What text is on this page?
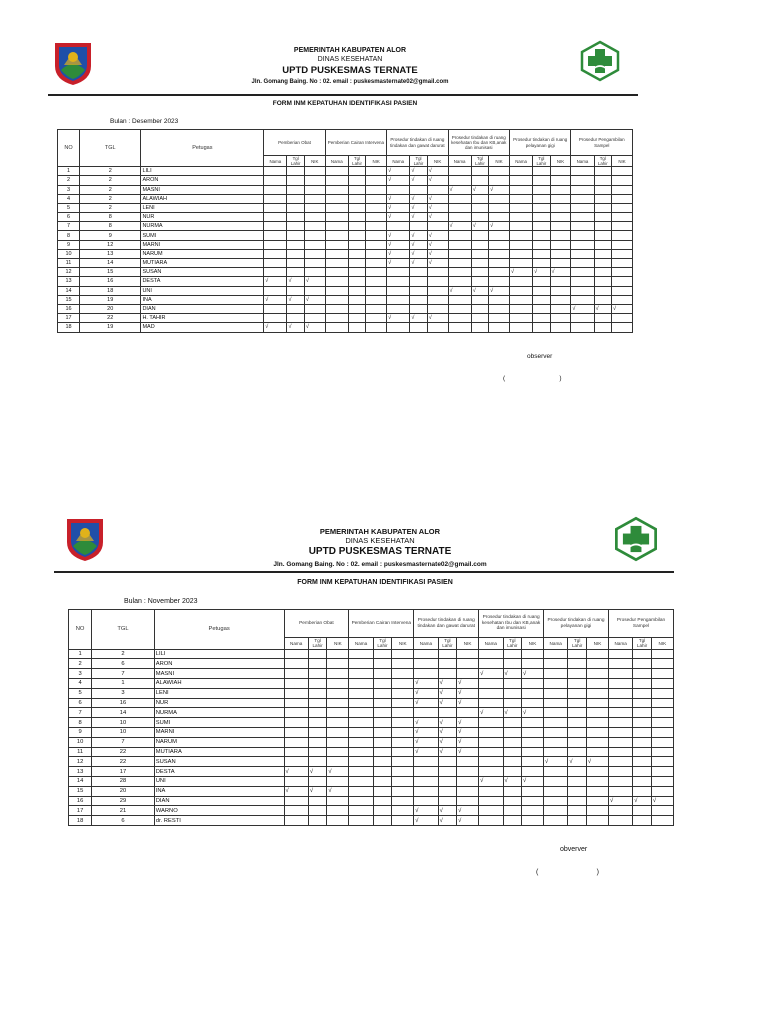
PEMERINTAH KABUPATEN ALOR
DINAS KESEHATAN
UPTD PUSKESMAS TERNATE
Jln. Gomang Baing. No : 02. email : puskesmasternate02@gmail.com
FORM INM KEPATUHAN IDENTIFIKASI PASIEN
Bulan : Desember 2023
NO	TGL	Petugas	Pemberian Obat			Pemberian Cairan Intervena			Prosedur tindakan di ruang tindakan dan gawat darurat			Prosedur tindakan di ruang kesehatan Ibu dan KB,anak dan imunisasi			Prosedur tindakan di ruang pelayanan gigi			Prosedur Pengambilan Sampel		
			Nama	Tgl Lahir	NIK	Nama	Tgl Lahir	NIK	Nama	Tgl Lahir	NIK	Nama	Tgl Lahir	NIK	Nama	Tgl Lahir	NIK	Nama	Tgl Lahir	NIK
1	2	LILI							√	√	√									
2	2	ARON							√	√	√									
3	2	MASNI										√	√	√						
4	2	ALAWIAH							√	√	√									
5	2	LENI							√	√	√									
6	8	NUR							√	√	√									
7	8	NURMA										√	√	√						
8	9	SUMI							√	√	√									
9	12	MARNI							√	√	√									
10	13	NARUM							√	√	√									
11	14	MUTIARA							√	√	√									
12	15	SUSAN													√	√	√			
13	16	DESTA	√	√	√															
14	18	UNI										√	√	√						
15	19	INA	√	√	√															
16	20	DIAN																√	√	√
17	22	H. TAHIR							√	√	√									
18	19	MAD	√	√	√															
observer
(                              )
PEMERINTAH KABUPATEN ALOR
DINAS KESEHATAN
UPTD PUSKESMAS TERNATE
Jln. Gomang Baing. No : 02. email : puskesmasternate02@gmail.com
FORM INM KEPATUHAN IDENTIFIKASI PASIEN
Bulan : November 2023
NO	TGL	Petugas	Pemberian Obat			Pemberian Cairan Intervena			Prosedur tindakan di ruang tindakan dan gawat darurat			Prosedur tindakan di ruang kesehatan Ibu dan KB,anak dan imunisasi			Prosedur tindakan di ruang pelayanan gigi			Prosedur Pengambilan Sampel		
			Nama	Tgl Lahir	NIK	Nama	Tgl Lahir	NIK	Nama	Tgl Lahir	NIK	Nama	Tgl Lahir	NIK	Nama	Tgl Lahir	NIK	Nama	Tgl Lahir	NIK
1	2	LILI																		
2	6	ARON																		
3	7	MASNI										√	√	√						
4	1	ALAWIAH							√	√	√									
5	3	LENI							√	√	√									
6	16	NUR							√	√	√									
7	14	NURMA										√	√	√						
8	10	SUMI							√	√	√									
9	10	MARNI							√	√	√									
10	7	NARUM							√	√	√									
11	22	MUTIARA							√	√	√									
12	22	SUSAN													√	√	√			
13	17	DESTA	√	√	√															
14	28	UNI										√	√	√						
15	20	INA	√	√	√															
16	29	DIAN																√	√	√
17	21	WARNO							√	√	√									
18	6	dr. RESTI							√	√	√									
obverver
(                              )
